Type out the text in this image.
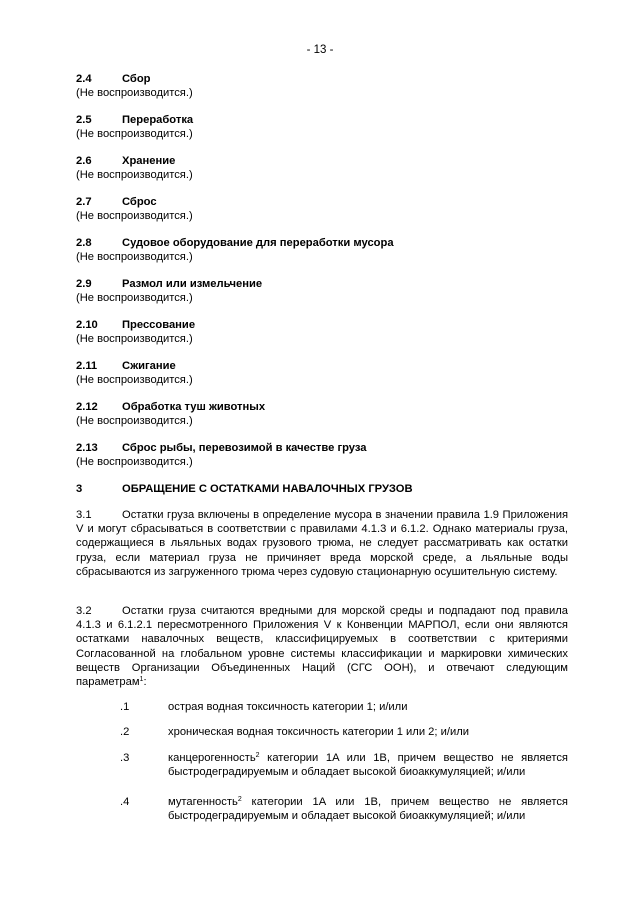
- 13 -
2.4	Сбор
(Не воспроизводится.)
2.5	Переработка
(Не воспроизводится.)
2.6	Хранение
(Не воспроизводится.)
2.7	Сброс
(Не воспроизводится.)
2.8	Судовое оборудование для переработки мусора
(Не воспроизводится.)
2.9	Размол или измельчение
(Не воспроизводится.)
2.10	Прессование
(Не воспроизводится.)
2.11	Сжигание
(Не воспроизводится.)
2.12	Обработка туш животных
(Не воспроизводится.)
2.13	Сброс рыбы, перевозимой в качестве груза
(Не воспроизводится.)
3	ОБРАЩЕНИЕ С ОСТАТКАМИ НАВАЛОЧНЫХ ГРУЗОВ
3.1	Остатки груза включены в определение мусора в значении правила 1.9 Приложения V и могут сбрасываться в соответствии с правилами 4.1.3 и 6.1.2. Однако материалы груза, содержащиеся в льяльных водах грузового трюма, не следует рассматривать как остатки груза, если материал груза не причиняет вреда морской среде, а льяльные воды сбрасываются из загруженного трюма через судовую стационарную осушительную систему.
3.2	Остатки груза считаются вредными для морской среды и подпадают под правила 4.1.3 и 6.1.2.1 пересмотренного Приложения V к Конвенции МАРПОЛ, если они являются остатками навалочных веществ, классифицируемых в соответствии с критериями Согласованной на глобальном уровне системы классификации и маркировки химических веществ Организации Объединенных Наций (СГС ООН), и отвечают следующим параметрам$^1$:
.1	острая водная токсичность категории 1; и/или
.2	хроническая водная токсичность категории 1 или 2; и/или
.3	канцерогенность$^2$ категории 1A или 1B, причем вещество не является быстродеградируемым и обладает высокой биоаккумуляцией; и/или
.4	мутагенность$^2$ категории 1A или 1B, причем вещество не является быстродеградируемым и обладает высокой биоаккумуляцией; и/или
